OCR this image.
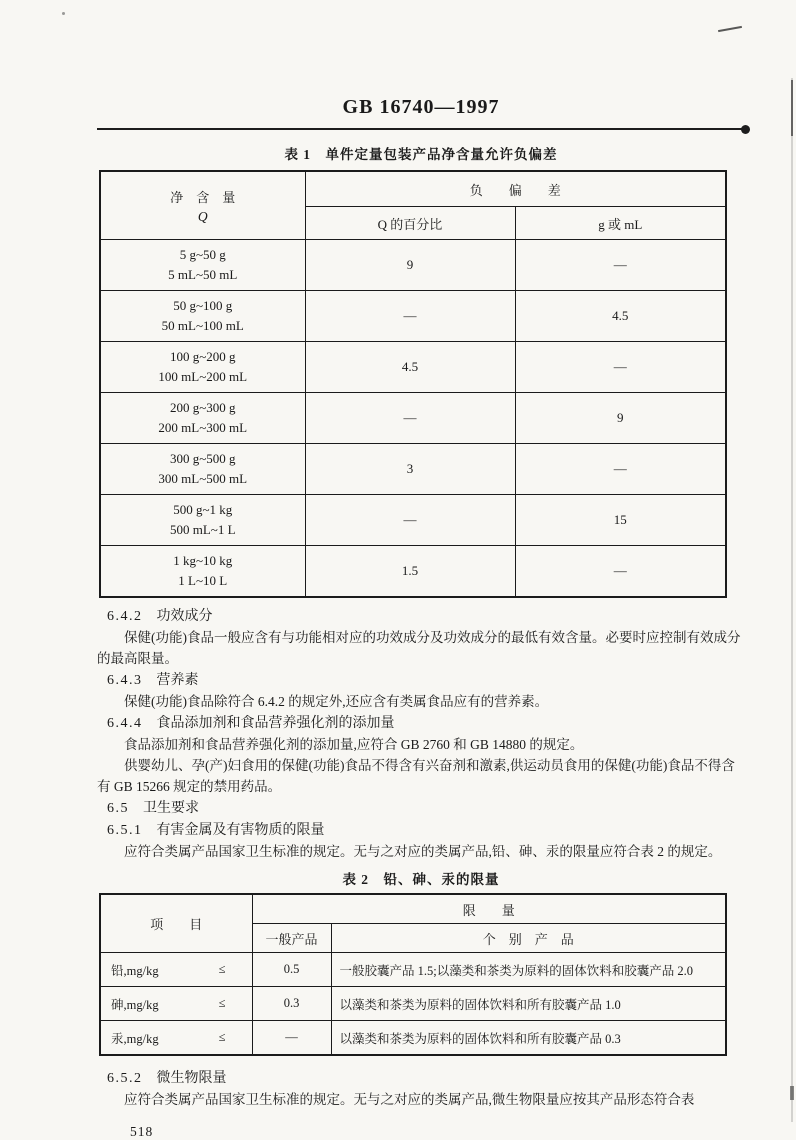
GB 16740—1997
表 1　单件定量包装产品净含量允许负偏差
净　含　量
Q	负　　偏　　差	
	Q 的百分比	g 或 mL

5 g~50 g
5 mL~50 mL	9	—

50 g~100 g
50 mL~100 mL	—	4.5

100 g~200 g
100 mL~200 mL	4.5	—

200 g~300 g
200 mL~300 mL	—	9

300 g~500 g
300 mL~500 mL	3	—

500 g~1 kg
500 mL~1 L	—	15

1 kg~10 kg
1 L~10 L	1.5	—
6.4.2 功效成分

保健(功能)食品一般应含有与功能相对应的功效成分及功效成分的最低有效含量。必要时应控制有效成分的最高限量。

6.4.3 营养素

保健(功能)食品除符合 6.4.2 的规定外,还应含有类属食品应有的营养素。

6.4.4 食品添加剂和食品营养强化剂的添加量

食品添加剂和食品营养强化剂的添加量,应符合 GB 2760 和 GB 14880 的规定。

供婴幼儿、孕(产)妇食用的保健(功能)食品不得含有兴奋剂和激素,供运动员食用的保健(功能)食品不得含有 GB 15266 规定的禁用药品。

6.5 卫生要求
6.5.1 有害金属及有害物质的限量

应符合类属产品国家卫生标准的规定。无与之对应的类属产品,铅、砷、汞的限量应符合表 2 的规定。

表 2　铅、砷、汞的限量
项　　目	限　　量	
	一般产品	个　别　产　品

铅,mg/kg ≤	0.5	一般胶囊产品 1.5;以藻类和茶类为原料的固体饮料和胶囊产品 2.0

砷,mg/kg ≤	0.3	以藻类和茶类为原料的固体饮料和所有胶囊产品 1.0

汞,mg/kg ≤	—	以藻类和茶类为原料的固体饮料和所有胶囊产品 0.3
6.5.2 微生物限量

应符合类属产品国家卫生标准的规定。无与之对应的类属产品,微生物限量应按其产品形态符合表

518
